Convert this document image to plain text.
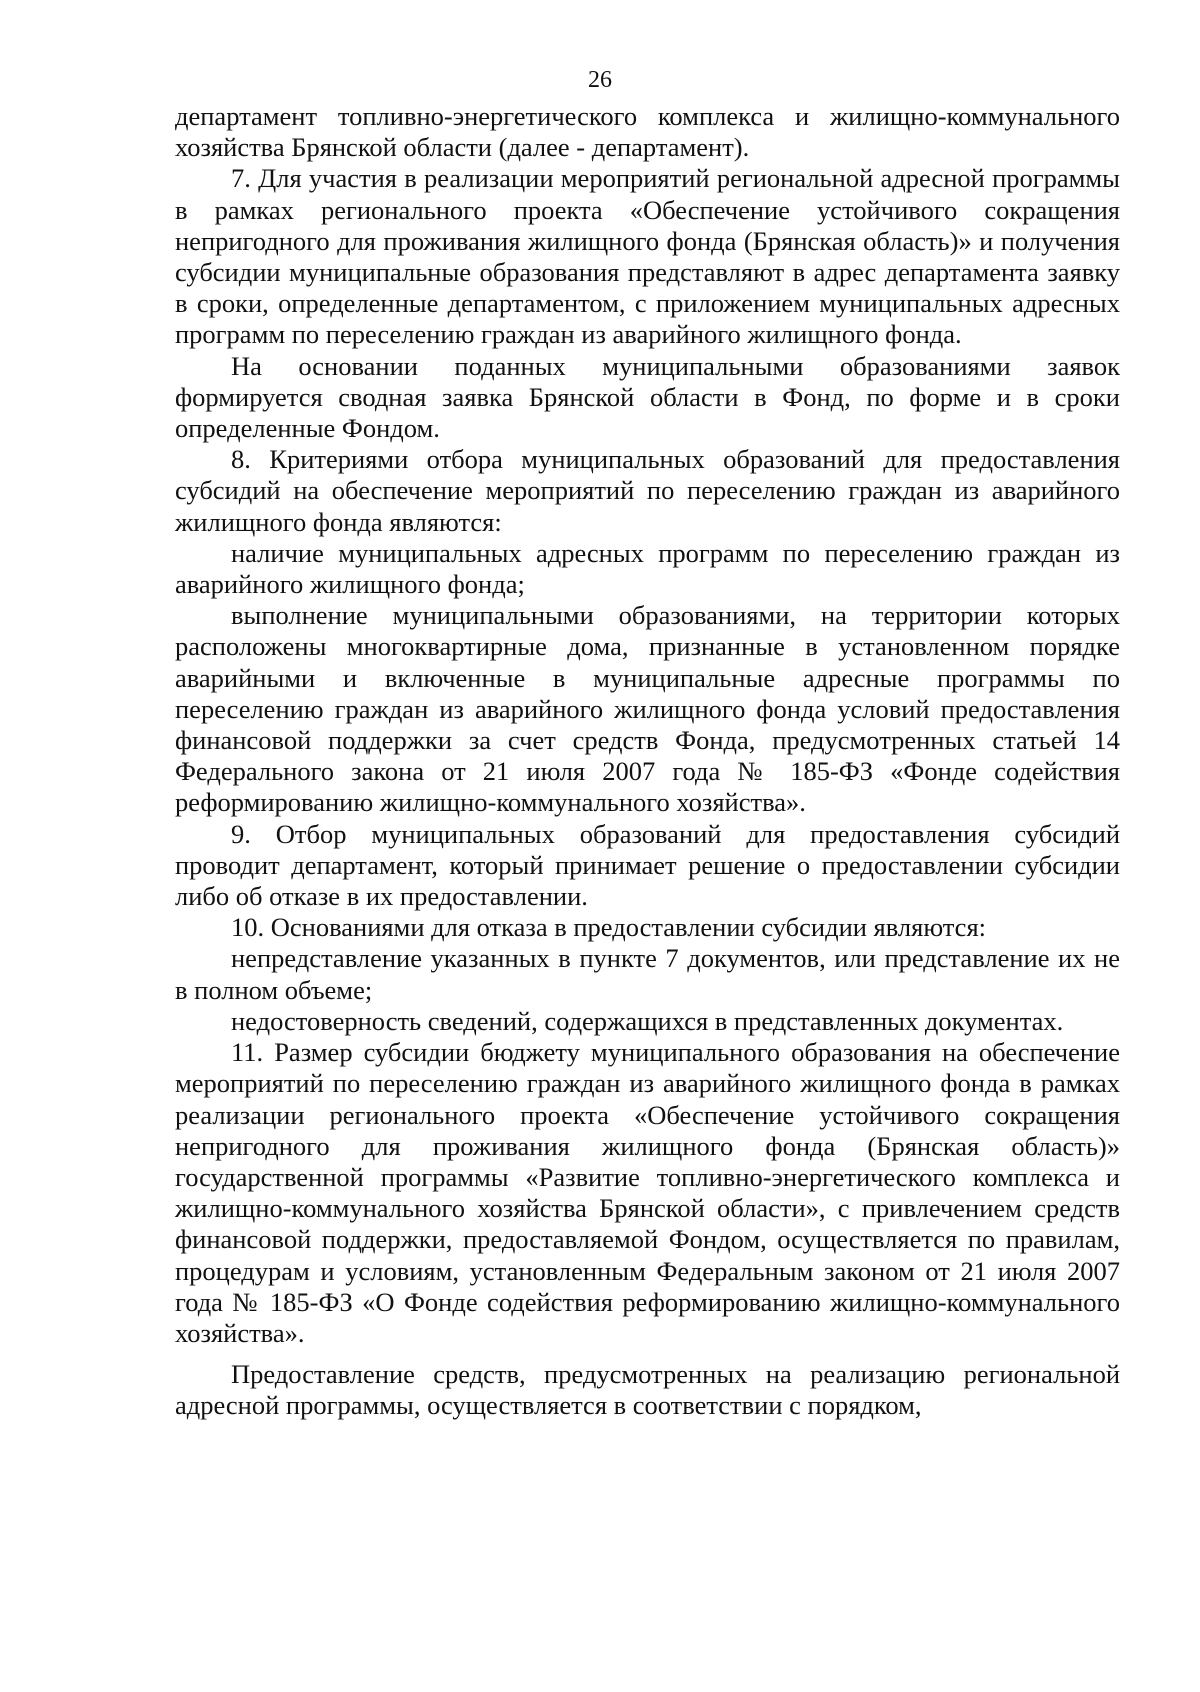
26

департамент топливно-энергетического комплекса и жилищно-коммунального хозяйства Брянской области (далее - департамент).

7. Для участия в реализации мероприятий региональной адресной программы в рамках регионального проекта «Обеспечение устойчивого сокращения непригодного для проживания жилищного фонда (Брянская область)» и получения субсидии муниципальные образования представляют в адрес департамента заявку в сроки, определенные департаментом, с приложением муниципальных адресных программ по переселению граждан из аварийного жилищного фонда.

На основании поданных муниципальными образованиями заявок формируется сводная заявка Брянской области в Фонд, по форме и в сроки определенные Фондом.

8. Критериями отбора муниципальных образований для предоставления субсидий на обеспечение мероприятий по переселению граждан из аварийного жилищного фонда являются:

наличие муниципальных адресных программ по переселению граждан из аварийного жилищного фонда;

выполнение муниципальными образованиями, на территории которых расположены многоквартирные дома, признанные в установленном порядке аварийными и включенные в муниципальные адресные программы по переселению граждан из аварийного жилищного фонда условий предоставления финансовой поддержки за счет средств Фонда, предусмотренных статьей 14 Федерального закона от 21 июля 2007 года № 185-ФЗ «Фонде содействия реформированию жилищно-коммунального хозяйства».

9. Отбор муниципальных образований для предоставления субсидий проводит департамент, который принимает решение о предоставлении субсидии либо об отказе в их предоставлении.

10. Основаниями для отказа в предоставлении субсидии являются:

непредставление указанных в пункте 7 документов, или представление их не в полном объеме;

недостоверность сведений, содержащихся в представленных документах.

11. Размер субсидии бюджету муниципального образования на обеспечение мероприятий по переселению граждан из аварийного жилищного фонда в рамках реализации регионального проекта «Обеспечение устойчивого сокращения непригодного для проживания жилищного фонда (Брянская область)» государственной программы «Развитие топливно-энергетического комплекса и жилищно-коммунального хозяйства Брянской области», с привлечением средств финансовой поддержки, предоставляемой Фондом, осуществляется по правилам, процедурам и условиям, установленным Федеральным законом от 21 июля 2007 года № 185-ФЗ «О Фонде содействия реформированию жилищно-коммунального хозяйства».

Предоставление средств, предусмотренных на реализацию региональной адресной программы, осуществляется в соответствии с порядком,
